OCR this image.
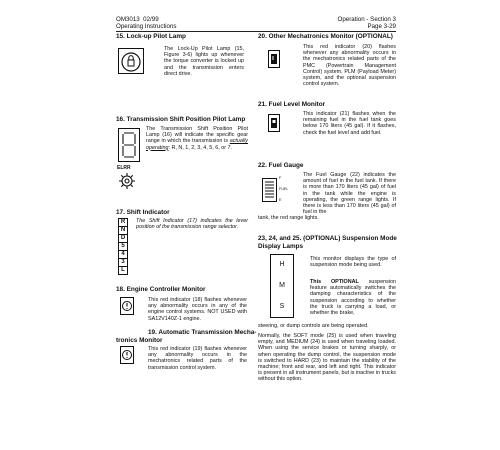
OM3013  02/99
Operating Instructions
Operation - Section 3
Page 3-29
15. Lock-up Pilot Lamp
The Lock-Up Pilot Lamp (15, Figure 3-6) lights up whenever the torque converter is locked up and the transmission enters direct drive.
16. Transmission Shift Position Pilot Lamp
ELRR
The Transmission Shift Position Pilot Lamp (16) will indicate the specific gear range in which the transmission is actually operating: R, N, 1, 2, 3, 4, 5, 6, or 7.
17. Shift Indicator
R
N
D
5
4
3
L
The Shift Indicator (17) indicates the lever position of the transmission range selector.
18. Engine Controller Monitor
This red indicator (18) flashes whenever any abnormality occurs in any of the engine control systems. NOT USED with SA12V140Z-1 engine.
19. Automatic Transmission Mecha-
tronics Monitor
This red indicator (19) flashes whenever any abnormality occurs in the mechatronics related parts of the transmission control system.
20. Other Mechatronics Monitor (OPTIONAL)
This red indicator (20) flashes whenever any abnormality occurs in the mechatronics related parts of the PMC (Powertrain Management Control) system, PLM (Payload Meter) system, and the optional suspension control system.
21. Fuel Level Monitor
This indicator (21) flashes when the remaining fuel in the fuel tank goes below 170 liters (45 gal). If it flashes, check the fuel level and add fuel.
22. Fuel Gauge
F
FUEL
E
The Fuel Gauge (22) indicates the amount of fuel in the fuel tank. If there is more than 170 liters (45 gal) of fuel in the tank while the engine is operating, the green range lights. If there is less than 170 liters (45 gal) of fuel in the
tank, the red range lights.
23, 24, and 25. (OPTIONAL) Suspension Mode
Display Lamps
H
M
S
This monitor displays the type of suspension mode being used.
This OPTIONAL suspension feature automatically switches the damping characteristics of the suspension according to whether the truck is carrying a load, or whether the brake,
steering, or dump controls are being operated.
Normally, the SOFT mode (25) is used when traveling empty, and MEDIUM (24) is used when traveling loaded. When using the service brakes or turning sharply, or when operating the dump control, the suspension mode is switched to HARD (23) to maintain the stability of the machine; front and rear, and left and right. This indicator is present in all instrument panels, but is inactive in trucks without this option.
